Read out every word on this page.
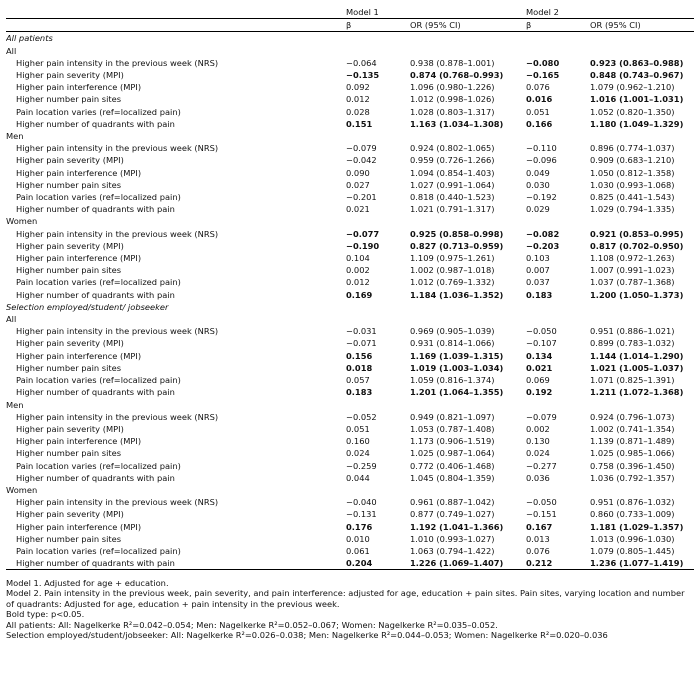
	Model 1		Model 2	
	β	OR (95% CI)	β	OR (95% CI)
All patients				
All				
Higher pain intensity in the previous week (NRS)	−0.064	0.938 (0.878–1.001)	−0.080	0.923 (0.863–0.988)
Higher pain severity (MPI)	−0.135	0.874 (0.768–0.993)	−0.165	0.848 (0.743–0.967)
Higher pain interference (MPI)	0.092	1.096 (0.980–1.226)	0.076	1.079 (0.962–1.210)
Higher number pain sites	0.012	1.012 (0.998–1.026)	0.016	1.016 (1.001–1.031)
Pain location varies (ref=localized pain)	0.028	1.028 (0.803–1.317)	0.051	1.052 (0.820–1.350)
Higher number of quadrants with pain	0.151	1.163 (1.034–1.308)	0.166	1.180 (1.049–1.329)
Men				
Higher pain intensity in the previous week (NRS)	−0.079	0.924 (0.802–1.065)	−0.110	0.896 (0.774–1.037)
Higher pain severity (MPI)	−0.042	0.959 (0.726–1.266)	−0.096	0.909 (0.683–1.210)
Higher pain interference (MPI)	0.090	1.094 (0.854–1.403)	0.049	1.050 (0.812–1.358)
Higher number pain sites	0.027	1.027 (0.991–1.064)	0.030	1.030 (0.993–1.068)
Pain location varies (ref=localized pain)	−0.201	0.818 (0.440–1.523)	−0.192	0.825 (0.441–1.543)
Higher number of quadrants with pain	0.021	1.021 (0.791–1.317)	0.029	1.029 (0.794–1.335)
Women				
Higher pain intensity in the previous week (NRS)	−0.077	0.925 (0.858–0.998)	−0.082	0.921 (0.853–0.995)
Higher pain severity (MPI)	−0.190	0.827 (0.713–0.959)	−0.203	0.817 (0.702–0.950)
Higher pain interference (MPI)	0.104	1.109 (0.975–1.261)	0.103	1.108 (0.972–1.263)
Higher number pain sites	0.002	1.002 (0.987–1.018)	0.007	1.007 (0.991–1.023)
Pain location varies (ref=localized pain)	0.012	1.012 (0.769–1.332)	0.037	1.037 (0.787–1.368)
Higher number of quadrants with pain	0.169	1.184 (1.036–1.352)	0.183	1.200 (1.050–1.373)
Selection employed/student/ jobseeker				
All				
Higher pain intensity in the previous week (NRS)	−0.031	0.969 (0.905–1.039)	−0.050	0.951 (0.886–1.021)
Higher pain severity (MPI)	−0.071	0.931 (0.814–1.066)	−0.107	0.899 (0.783–1.032)
Higher pain interference (MPI)	0.156	1.169 (1.039–1.315)	0.134	1.144 (1.014–1.290)
Higher number pain sites	0.018	1.019 (1.003–1.034)	0.021	1.021 (1.005–1.037)
Pain location varies (ref=localized pain)	0.057	1.059 (0.816–1.374)	0.069	1.071 (0.825–1.391)
Higher number of quadrants with pain	0.183	1.201 (1.064–1.355)	0.192	1.211 (1.072–1.368)
Men				
Higher pain intensity in the previous week (NRS)	−0.052	0.949 (0.821–1.097)	−0.079	0.924 (0.796–1.073)
Higher pain severity (MPI)	0.051	1.053 (0.787–1.408)	0.002	1.002 (0.741–1.354)
Higher pain interference (MPI)	0.160	1.173 (0.906–1.519)	0.130	1.139 (0.871–1.489)
Higher number pain sites	0.024	1.025 (0.987–1.064)	0.024	1.025 (0.985–1.066)
Pain location varies (ref=localized pain)	−0.259	0.772 (0.406–1.468)	−0.277	0.758 (0.396–1.450)
Higher number of quadrants with pain	0.044	1.045 (0.804–1.359)	0.036	1.036 (0.792–1.357)
Women				
Higher pain intensity in the previous week (NRS)	−0.040	0.961 (0.887–1.042)	−0.050	0.951 (0.876–1.032)
Higher pain severity (MPI)	−0.131	0.877 (0.749–1.027)	−0.151	0.860 (0.733–1.009)
Higher pain interference (MPI)	0.176	1.192 (1.041–1.366)	0.167	1.181 (1.029–1.357)
Higher number pain sites	0.010	1.010 (0.993–1.027)	0.013	1.013 (0.996–1.030)
Pain location varies (ref=localized pain)	0.061	1.063 (0.794–1.422)	0.076	1.079 (0.805–1.445)
Higher number of quadrants with pain	0.204	1.226 (1.069–1.407)	0.212	1.236 (1.077–1.419)
Model 1. Adjusted for age + education.
Model 2. Pain intensity in the previous week, pain severity, and pain interference: adjusted for age, education + pain sites. Pain sites, varying location and number of quadrants: Adjusted for age, education + pain intensity in the previous week.
Bold type: p<0.05.
All patients: All: Nagelkerke R²=0.042–0.054; Men: Nagelkerke R²=0.052–0.067; Women: Nagelkerke R²=0.035–0.052.
Selection employed/student/jobseeker: All: Nagelkerke R²=0.026–0.038; Men: Nagelkerke R²=0.044–0.053; Women: Nagelkerke R²=0.020–0.036
